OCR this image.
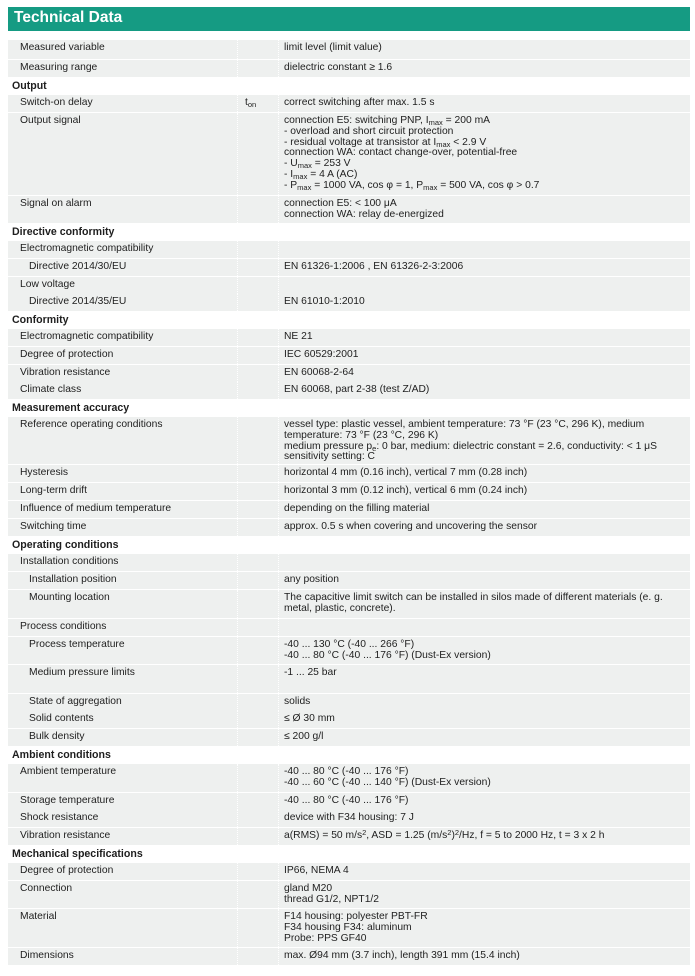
Technical Data
Measured variable	limit level (limit value)
Measuring range	dielectric constant ≥ 1.6
Output
Switch-on delay	$t_{on}$	correct switching after max. 1.5 s
Output signal	connection E5: switching PNP, $I_{max} = 200$ mA
- overload and short circuit protection
- residual voltage at transistor at $I_{max} < 2.9$ V
connection WA: contact change-over, potential-free
- $U_{max} = 253$ V
- $I_{max} = 4$ A (AC)
- $P_{max} = 1000$ VA, cos φ = 1, $P_{max} = 500$ VA, cos φ > 0.7
Signal on alarm	connection E5: < 100 μA
connection WA: relay de-energized
Directive conformity
Electromagnetic compatibility
Directive 2014/30/EU	EN 61326-1:2006 , EN 61326-2-3:2006
Low voltage
Directive 2014/35/EU	EN 61010-1:2010
Conformity
Electromagnetic compatibility	NE 21
Degree of protection	IEC 60529:2001
Vibration resistance	EN 60068-2-64
Climate class	EN 60068, part 2-38 (test Z/AD)
Measurement accuracy
Reference operating conditions	vessel type: plastic vessel, ambient temperature: 73 °F (23 °C, 296 K), medium
temperature: 73 °F (23 °C, 296 K)
medium pressure $p_e$: 0 bar, medium: dielectric constant = 2.6, conductivity: < 1 μS
sensitivity setting: C
Hysteresis	horizontal 4 mm (0.16 inch), vertical 7 mm (0.28 inch)
Long-term drift	horizontal 3 mm (0.12 inch), vertical 6 mm (0.24 inch)
Influence of medium temperature	depending on the filling material
Switching time	approx. 0.5 s when covering and uncovering the sensor
Operating conditions
Installation conditions
Installation position	any position
Mounting location	The capacitive limit switch can be installed in silos made of different materials (e. g.
metal, plastic, concrete).
Process conditions
Process temperature	-40 ... 130 °C (-40 ... 266 °F)
-40 ... 80 °C (-40 ... 176 °F) (Dust-Ex version)
Medium pressure limits	-1 ... 25 bar
State of aggregation	solids
Solid contents	≤ Ø 30 mm
Bulk density	≤ 200 g/l
Ambient conditions
Ambient temperature	-40 ... 80 °C (-40 ... 176 °F)
-40 ... 60 °C (-40 ... 140 °F) (Dust-Ex version)
Storage temperature	-40 ... 80 °C (-40 ... 176 °F)
Shock resistance	device with F34 housing: 7 J
Vibration resistance	a(RMS) = 50 $m/s^2$, ASD = 1.25 $(m/s^2)^2/Hz$, f = 5 to 2000 Hz, t = 3 x 2 h
Mechanical specifications
Degree of protection	IP66, NEMA 4
Connection	gland M20
thread G1/2, NPT1/2
Material	F14 housing: polyester PBT-FR
F34 housing F34: aluminum
Probe: PPS GF40
Dimensions	max. Ø94 mm (3.7 inch), length 391 mm (15.4 inch)
